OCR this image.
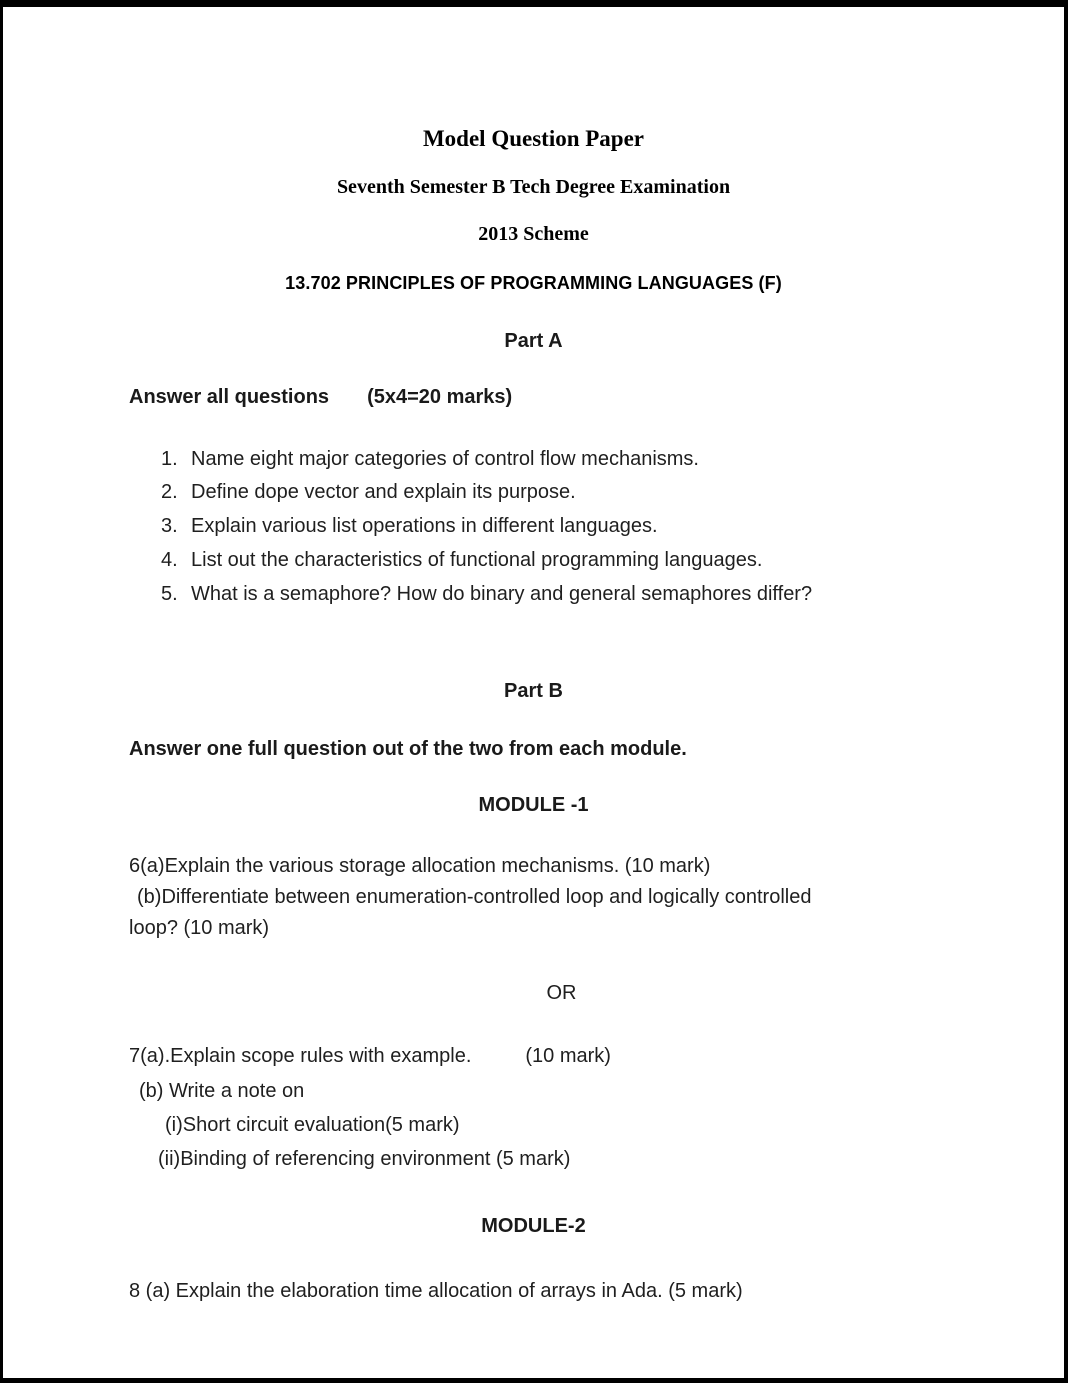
Model Question Paper
Seventh Semester B Tech Degree Examination
2013 Scheme
13.702 PRINCIPLES OF PROGRAMMING LANGUAGES (F)
Part A
Answer all questions (5x4=20 marks)
1. Name eight major categories of control flow mechanisms.
2. Define dope vector and explain its purpose.
3. Explain various list operations in different languages.
4. List out the characteristics of functional programming languages.
5. What is a semaphore? How do binary and general semaphores differ?
Part B
Answer one full question out of the two from each module.
MODULE -1
6(a)Explain the various storage allocation mechanisms. (10 mark)
(b)Differentiate between enumeration-controlled loop and logically controlled
loop? (10 mark)
OR
7(a).Explain scope rules with example.	(10 mark)
(b) Write a note on
(i)Short circuit evaluation(5 mark)
(ii)Binding of referencing environment (5 mark)
MODULE-2
8 (a) Explain the elaboration time allocation of arrays in Ada. (5 mark)
